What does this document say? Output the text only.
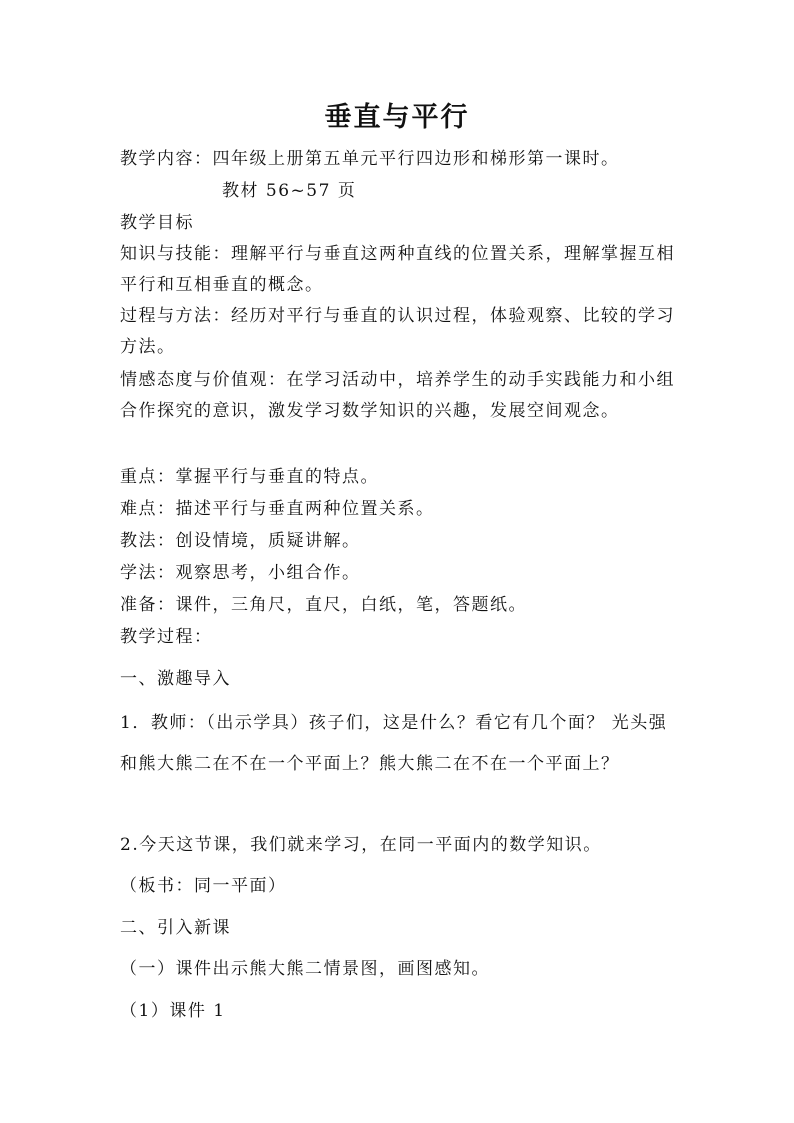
垂直与平行

教学内容：四年级上册第五单元平行四边形和梯形第一课时。

教材 56~57 页

教学目标

知识与技能：理解平行与垂直这两种直线的位置关系，理解掌握互相平行和互相垂直的概念。

过程与方法：经历对平行与垂直的认识过程，体验观察、比较的学习方法。

情感态度与价值观：在学习活动中，培养学生的动手实践能力和小组合作探究的意识，激发学习数学知识的兴趣，发展空间观念。

重点：掌握平行与垂直的特点。

难点：描述平行与垂直两种位置关系。

教法：创设情境，质疑讲解。

学法：观察思考，小组合作。

准备：课件，三角尺，直尺，白纸，笔，答题纸。

教学过程：

一、激趣导入

1．教师：（出示学具）孩子们，这是什么？看它有几个面？ 光头强和熊大熊二在不在一个平面上？熊大熊二在不在一个平面上？

2.今天这节课，我们就来学习，在同一平面内的数学知识。

（板书：同一平面）

二、引入新课

（一）课件出示熊大熊二情景图，画图感知。

（1）课件 1
